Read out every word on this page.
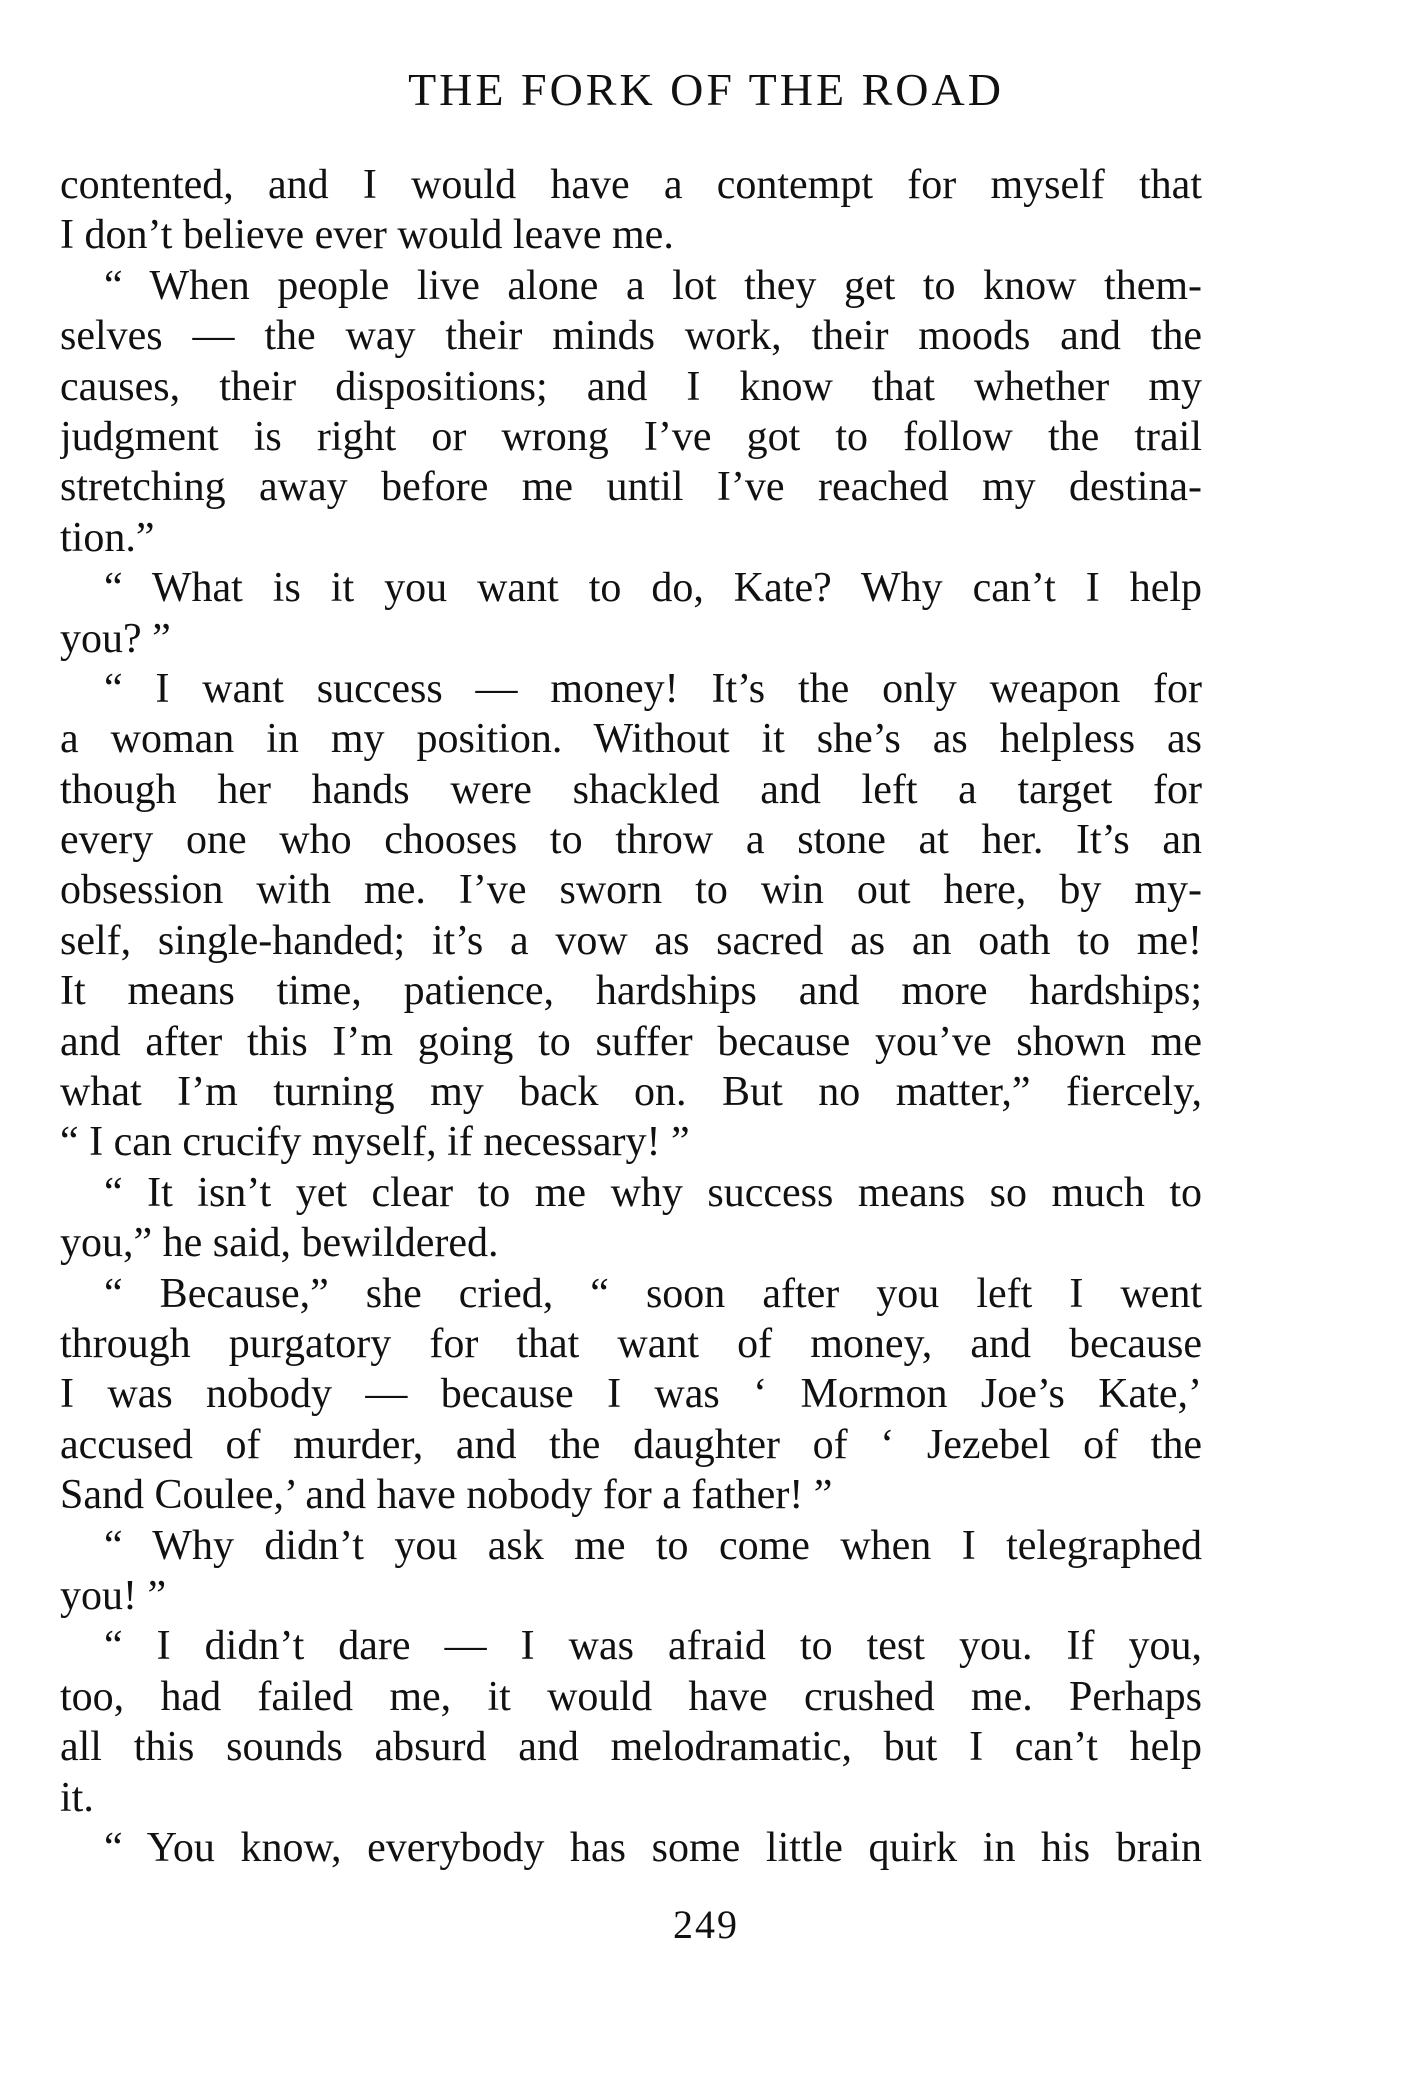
THE FORK OF THE ROAD
contented, and I would have a contempt for myself that
I don’t believe ever would leave me.
“ When people live alone a lot they get to know them-
selves — the way their minds work, their moods and the
causes, their dispositions; and I know that whether my
judgment is right or wrong I’ve got to follow the trail
stretching away before me until I’ve reached my destina-
tion.”
“ What is it you want to do, Kate? Why can’t I help
you? ”
“ I want success — money! It’s the only weapon for
a woman in my position. Without it she’s as helpless as
though her hands were shackled and left a target for
every one who chooses to throw a stone at her. It’s an
obsession with me. I’ve sworn to win out here, by my-
self, single-handed; it’s a vow as sacred as an oath to me!
It means time, patience, hardships and more hardships;
and after this I’m going to suffer because you’ve shown me
what I’m turning my back on. But no matter,” fiercely,
“ I can crucify myself, if necessary! ”
“ It isn’t yet clear to me why success means so much to
you,” he said, bewildered.
“ Because,” she cried, “ soon after you left I went
through purgatory for that want of money, and because
I was nobody — because I was ‘ Mormon Joe’s Kate,’
accused of murder, and the daughter of ‘ Jezebel of the
Sand Coulee,’ and have nobody for a father! ”
“ Why didn’t you ask me to come when I telegraphed
you! ”
“ I didn’t dare — I was afraid to test you. If you,
too, had failed me, it would have crushed me. Perhaps
all this sounds absurd and melodramatic, but I can’t help
it.
“ You know, everybody has some little quirk in his brain
249
